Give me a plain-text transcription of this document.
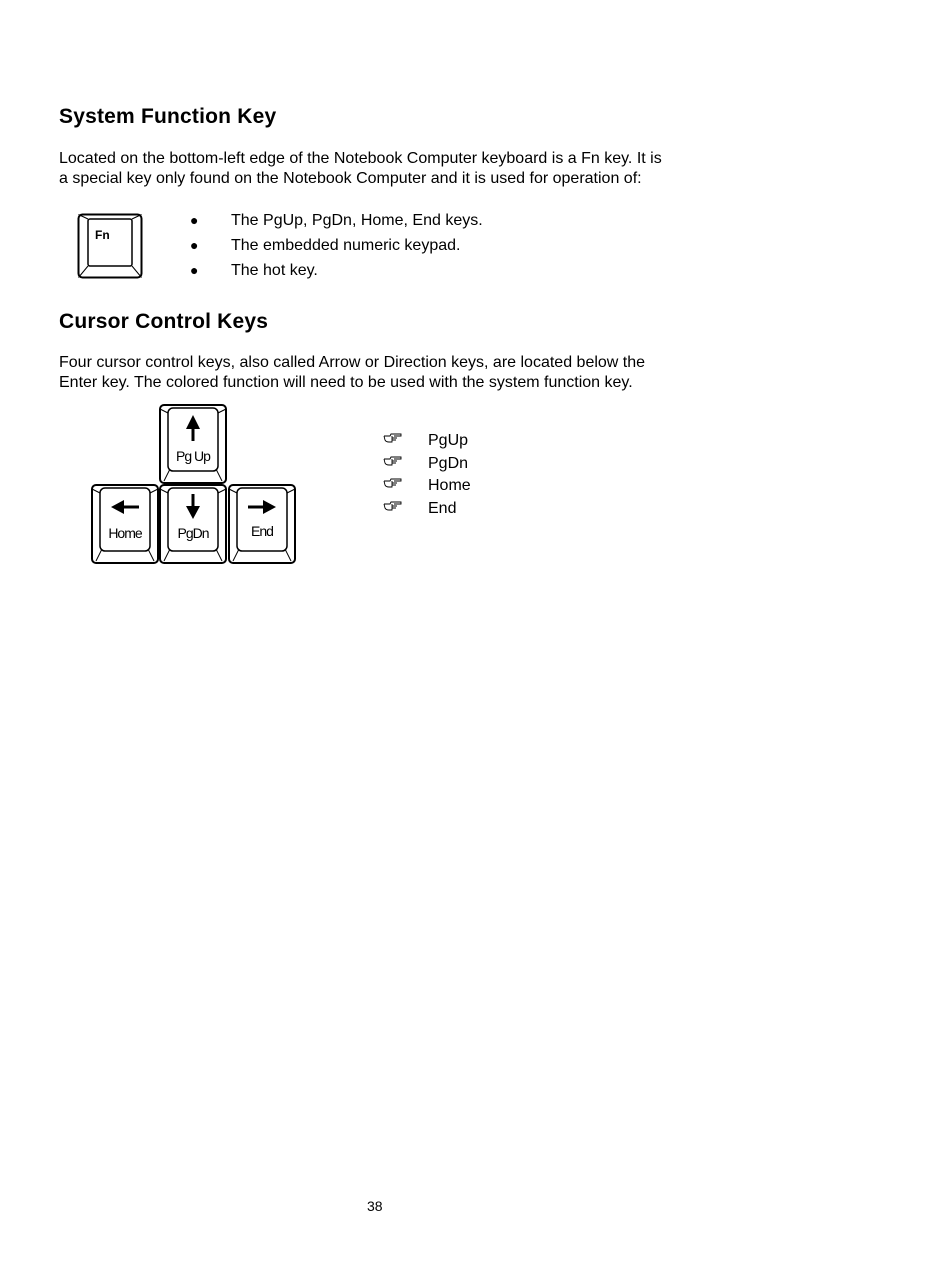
System Function Key
Located on the bottom-left edge of the Notebook Computer keyboard is a Fn key. It is
a special key only found on the Notebook Computer and it is used for operation of:
Fn
● The PgUp, PgDn, Home, End keys.
● The embedded numeric keypad.
● The hot key.
Cursor Control Keys
Four cursor control keys, also called Arrow or Direction keys, are located below the
Enter key. The colored function will need to be used with the system function key.
Pg Up
Home	PgDn	End
PgUp
PgDn
Home
End
38
